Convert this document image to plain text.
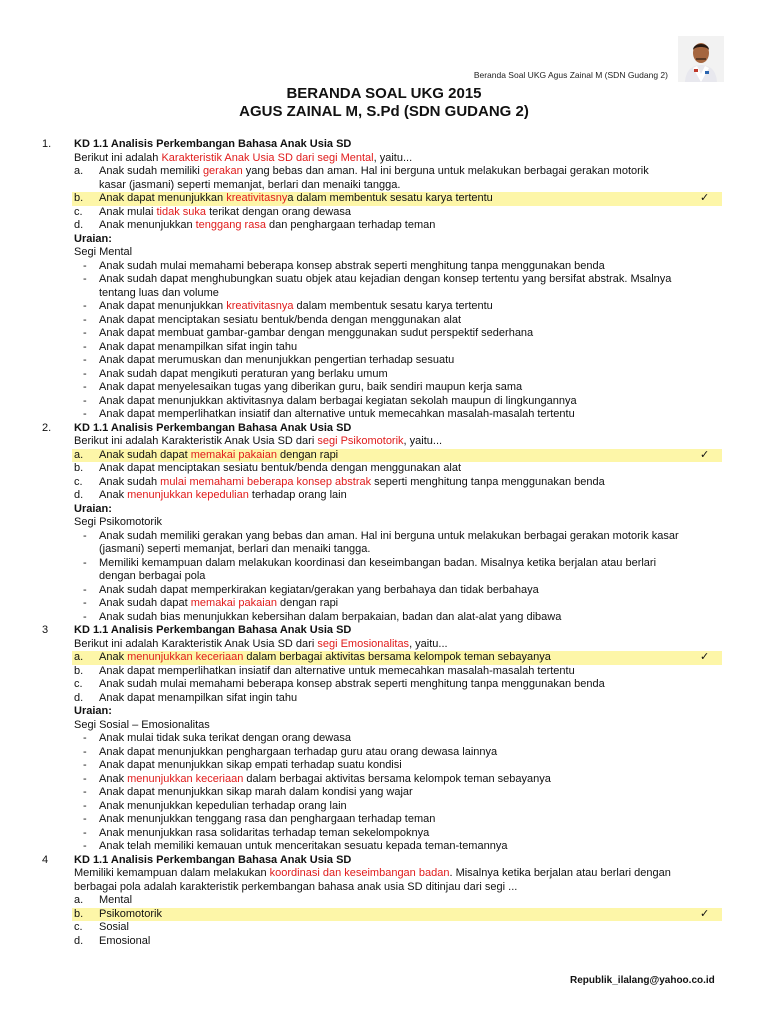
Beranda Soal UKG Agus Zainal M (SDN Gudang 2)
BERANDA SOAL UKG 2015
AGUS ZAINAL M, S.Pd (SDN GUDANG 2)
1. KD 1.1 Analisis Perkembangan Bahasa Anak Usia SD
Berikut ini adalah Karakteristik Anak Usia SD dari segi Mental, yaitu...
a. Anak sudah memiliki gerakan yang bebas dan aman. Hal ini berguna untuk melakukan berbagai gerakan motorik
kasar (jasmani) seperti memanjat, berlari dan menaiki tangga.
b. Anak dapat menunjukkan kreativitasnya dalam membentuk sesatu karya tertentu	✓
c. Anak mulai tidak suka terikat dengan orang dewasa
d. Anak menunjukkan tenggang rasa dan penghargaan terhadap teman
Uraian:
Segi Mental
- Anak sudah mulai memahami beberapa konsep abstrak seperti menghitung tanpa menggunakan benda
- Anak sudah dapat menghubungkan suatu objek atau kejadian dengan konsep tertentu yang bersifat abstrak. Msalnya
tentang luas dan volume
- Anak dapat menunjukkan kreativitasnya dalam membentuk sesatu karya tertentu
- Anak dapat menciptakan sesiatu bentuk/benda dengan menggunakan alat
- Anak dapat membuat gambar-gambar dengan menggunakan sudut perspektif sederhana
- Anak dapat menampilkan sifat ingin tahu
- Anak dapat merumuskan dan menunjukkan pengertian terhadap sesuatu
- Anak sudah dapat mengikuti peraturan yang berlaku umum
- Anak dapat menyelesaikan tugas yang diberikan guru, baik sendiri maupun kerja sama
- Anak dapat menunjukkan aktivitasnya dalam berbagai kegiatan sekolah maupun di lingkungannya
- Anak dapat memperlihatkan insiatif dan alternative untuk memecahkan masalah-masalah tertentu
2. KD 1.1 Analisis Perkembangan Bahasa Anak Usia SD
Berikut ini adalah Karakteristik Anak Usia SD dari segi Psikomotorik, yaitu...
a. Anak sudah dapat memakai pakaian dengan rapi	✓
b. Anak dapat menciptakan sesiatu bentuk/benda dengan menggunakan alat
c. Anak sudah mulai memahami beberapa konsep abstrak seperti menghitung tanpa menggunakan benda
d. Anak menunjukkan kepedulian terhadap orang lain
Uraian:
Segi Psikomotorik
- Anak sudah memiliki gerakan yang bebas dan aman. Hal ini berguna untuk melakukan berbagai gerakan motorik kasar
(jasmani) seperti memanjat, berlari dan menaiki tangga.
- Memiliki kemampuan dalam melakukan koordinasi dan keseimbangan badan. Misalnya ketika berjalan atau berlari
dengan berbagai pola
- Anak sudah dapat memperkirakan kegiatan/gerakan yang berbahaya dan tidak berbahaya
- Anak sudah dapat memakai pakaian dengan rapi
- Anak sudah bias menunjukkan kebersihan dalam berpakaian, badan dan alat-alat yang dibawa
3 KD 1.1 Analisis Perkembangan Bahasa Anak Usia SD
Berikut ini adalah Karakteristik Anak Usia SD dari segi Emosionalitas, yaitu...
a. Anak menunjukkan keceriaan dalam berbagai aktivitas bersama kelompok teman sebayanya	✓
b. Anak dapat memperlihatkan insiatif dan alternative untuk memecahkan masalah-masalah tertentu
c. Anak sudah mulai memahami beberapa konsep abstrak seperti menghitung tanpa menggunakan benda
d. Anak dapat menampilkan sifat ingin tahu
Uraian:
Segi Sosial – Emosionalitas
- Anak mulai tidak suka terikat dengan orang dewasa
- Anak dapat menunjukkan penghargaan terhadap guru atau orang dewasa lainnya
- Anak dapat menunjukkan sikap empati terhadap suatu kondisi
- Anak menunjukkan keceriaan dalam berbagai aktivitas bersama kelompok teman sebayanya
- Anak dapat menunjukkan sikap marah dalam kondisi yang wajar
- Anak menunjukkan kepedulian terhadap orang lain
- Anak menunjukkan tenggang rasa dan penghargaan terhadap teman
- Anak menunjukkan rasa solidaritas terhadap teman sekelompoknya
- Anak telah memiliki kemauan untuk menceritakan sesuatu kepada teman-temannya
4 KD 1.1 Analisis Perkembangan Bahasa Anak Usia SD
Memiliki kemampuan dalam melakukan koordinasi dan keseimbangan badan. Misalnya ketika berjalan atau berlari dengan
berbagai pola adalah karakteristik perkembangan bahasa anak usia SD ditinjau dari segi ...
a. Mental
b. Psikomotorik	✓
c. Sosial
d. Emosional
Republik_ilalang@yahoo.co.id
